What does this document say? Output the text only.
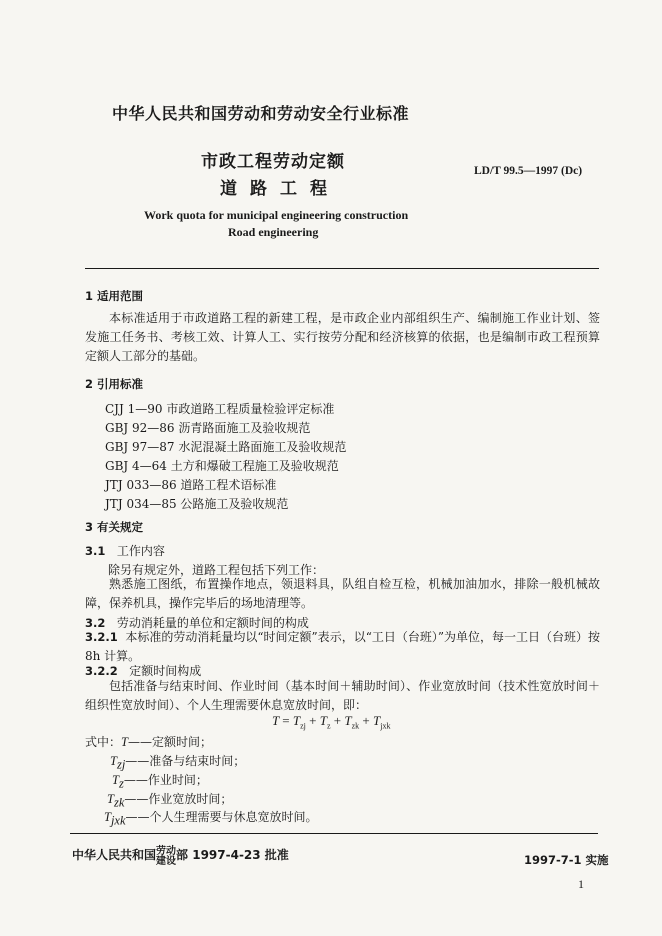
中华人民共和国劳动和劳动安全行业标准
市政工程劳动定额
道路工程
LD/T 99.5—1997 (Dc)
Work quota for municipal engineering construction
Road engineering
1 适用范围
本标准适用于市政道路工程的新建工程，是市政企业内部组织生产、编制施工作业计划、签发施工任务书、考核工效、计算人工、实行按劳分配和经济核算的依据，也是编制市政工程预算定额人工部分的基础。
2 引用标准
CJJ 1—90 市政道路工程质量检验评定标准
GBJ 92—86 沥青路面施工及验收规范
GBJ 97—87 水泥混凝土路面施工及验收规范
GBJ 4—64 土方和爆破工程施工及验收规范
JTJ 033—86 道路工程术语标准
JTJ 034—85 公路施工及验收规范
3 有关规定
3.1 工作内容
除另有规定外，道路工程包括下列工作：
熟悉施工图纸，布置操作地点，领退料具，队组自检互检，机械加油加水，排除一般机械故障，保养机具，操作完毕后的场地清理等。
3.2 劳动消耗量的单位和定额时间的构成
3.2.1 本标准的劳动消耗量均以“时间定额”表示，以“工日（台班）”为单位，每一工日（台班）按8h 计算。
3.2.2 定额时间构成
包括准备与结束时间、作业时间（基本时间＋辅助时间）、作业宽放时间（技术性宽放时间＋组织性宽放时间）、个人生理需要休息宽放时间，即：
$T = T_{zj} + T_z + T_{zk} + T_{jxk}$
式中：T——定额时间；
$T_{zj}——$准备与结束时间；
$T_z——$作业时间；
$T_{zk}——$作业宽放时间；
$T_{jxk}——$个人生理需要与休息宽放时间。
中华人民共和国劳动
建设部 1997-4-23 批准	1997-7-1 实施
1
